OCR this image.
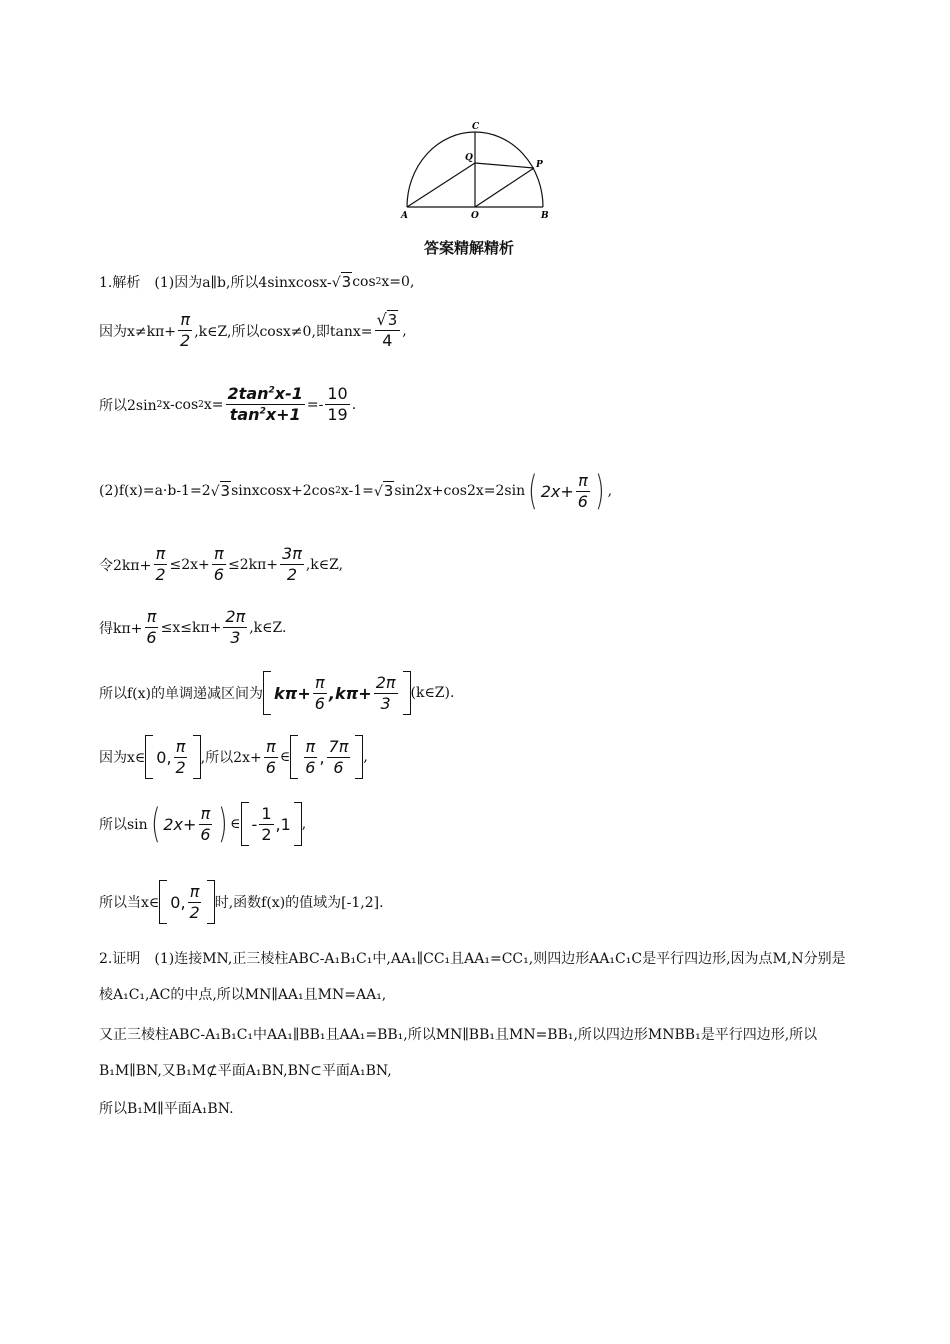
A	O	B
C
Q
P
答案精解精析
1.解析　(1)因为a∥b,所以4sinxcosx- √3 cos 2 x=0,
因为$x\ne k\pi+ \frac{\pi}{2}$ ,k∈Z,所以cosx≠0,即$\tan x= \frac{√3}{4}$ ,
所以2sin 2 x-cos 2 $x= \frac{2\tan^2x-1}{\tan^2x+1} =- \frac{10}{19}$ .
(2)f(x)=a·b-1=2 √3 sinxcosx+2cos 2 x-1= √3 sin2x+cos2x=2sin ( $2x+ \frac{\pi}{6}$ ) ,
令$2k\pi+ \frac{\pi}{2} \le 2x+ \frac{\pi}{6} \le 2k\pi+ \frac{3\pi}{2}$ ,k∈Z,
得$k\pi+ \frac{\pi}{6} \le x\le k\pi+ \frac{2\pi}{3}$ ,k∈Z.
所以f(x)的单调递减区间为 $k\pi+ \frac{\pi}{6} ,k\pi+ \frac{2\pi}{3}$ (k∈Z).
因为x∈ 0, $\frac{\pi}{2}$ ,所以$2x+ \frac{\pi}{6}$ ∈ $\frac{\pi}{6}$ , $\frac{7\pi}{6}$ ,
所以sin ( $2x+ \frac{\pi}{6}$ ) ∈ - $\frac{1}{2} ,1$ ,
所以当x∈ 0, $\frac{\pi}{2}$ 时,函数f(x)的值域为[-1,2].
2.证明　(1)连接MN,正三棱柱ABC-A₁B₁C₁中,AA₁∥CC₁且AA₁=CC₁,则四边形AA₁C₁C是平行四边形,因为点M,N分别是棱A₁C₁,AC的中点,所以MN∥AA₁且MN=AA₁,
又正三棱柱ABC-A₁B₁C₁中AA₁∥BB₁且AA₁=BB₁,所以MN∥BB₁且MN=BB₁,所以四边形MNBB₁是平行四边形,所以B₁M∥BN,又B₁M⊄平面A₁BN,BN⊂平面A₁BN,
所以B₁M∥平面A₁BN.
